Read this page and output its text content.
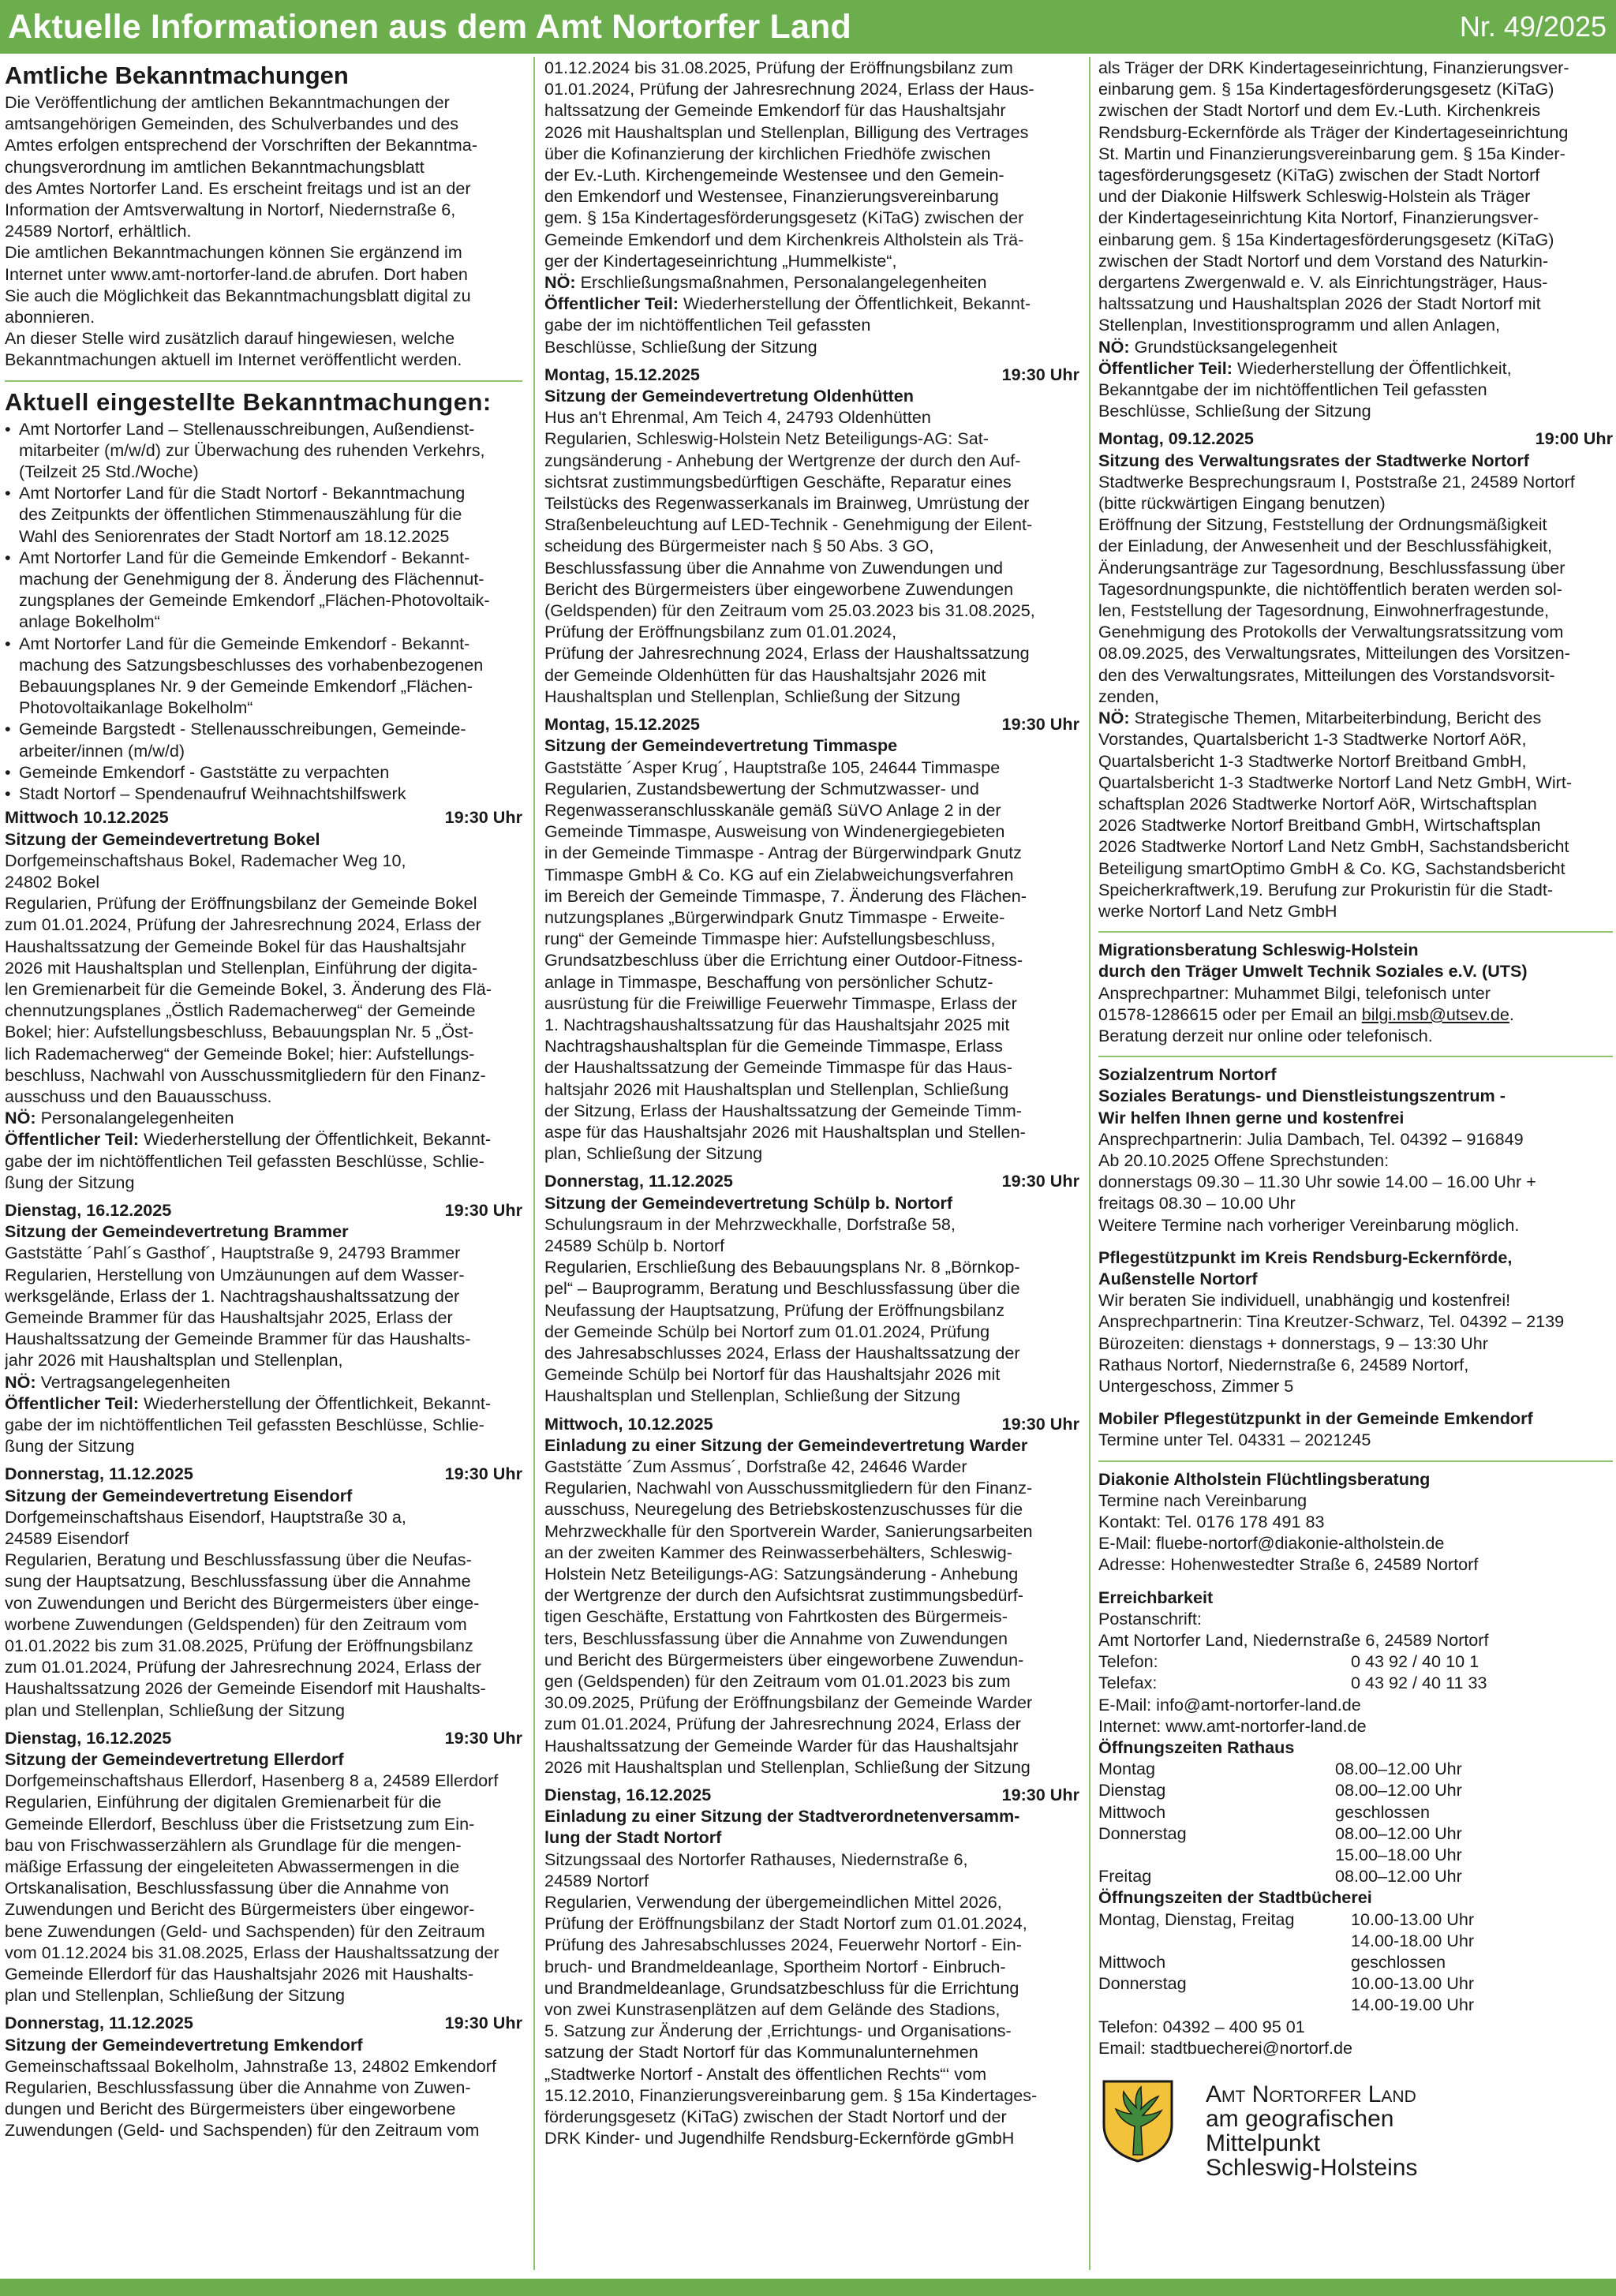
Aktuelle Informationen aus dem Amt Nortorfer Land	Nr. 49/2025
Amtliche Bekanntmachungen
Die Veröffentlichung der amtlichen Bekanntmachungen der
amtsangehörigen Gemeinden, des Schulverbandes und des
Amtes erfolgen entsprechend der Vorschriften der Bekanntma-
chungsverordnung im amtlichen Bekanntmachungsblatt
des Amtes Nortorfer Land. Es erscheint freitags und ist an der
Information der Amtsverwaltung in Nortorf, Niedernstraße 6,
24589 Nortorf, erhältlich.
Die amtlichen Bekanntmachungen können Sie ergänzend im
Internet unter www.amt-nortorfer-land.de abrufen. Dort haben
Sie auch die Möglichkeit das Bekanntmachungsblatt digital zu
abonnieren.
An dieser Stelle wird zusätzlich darauf hingewiesen, welche
Bekanntmachungen aktuell im Internet veröffentlicht werden.
Aktuell eingestellte Bekanntmachungen:
• Amt Nortorfer Land – Stellenausschreibungen, Außendienst-
mitarbeiter (m/w/d) zur Überwachung des ruhenden Verkehrs,
(Teilzeit 25 Std./Woche)
• Amt Nortorfer Land für die Stadt Nortorf - Bekanntmachung
des Zeitpunkts der öffentlichen Stimmenauszählung für die
Wahl des Seniorenrates der Stadt Nortorf am 18.12.2025
• Amt Nortorfer Land für die Gemeinde Emkendorf - Bekannt-
machung der Genehmigung der 8. Änderung des Flächennut-
zungsplanes der Gemeinde Emkendorf „Flächen-Photovoltaik-
anlage Bokelholm“
• Amt Nortorfer Land für die Gemeinde Emkendorf - Bekannt-
machung des Satzungsbeschlusses des vorhabenbezogenen
Bebauungsplanes Nr. 9 der Gemeinde Emkendorf „Flächen-
Photovoltaikanlage Bokelholm“
• Gemeinde Bargstedt - Stellenausschreibungen, Gemeinde-
arbeiter/innen (m/w/d)
• Gemeinde Emkendorf - Gaststätte zu verpachten
• Stadt Nortorf – Spendenaufruf Weihnachtshilfswerk
Mittwoch 10.12.2025	19:30 Uhr
Sitzung der Gemeindevertretung Bokel
Dorfgemeinschaftshaus Bokel, Rademacher Weg 10,
24802 Bokel
Regularien, Prüfung der Eröffnungsbilanz der Gemeinde Bokel
zum 01.01.2024, Prüfung der Jahresrechnung 2024, Erlass der
Haushaltssatzung der Gemeinde Bokel für das Haushaltsjahr
2026 mit Haushaltsplan und Stellenplan, Einführung der digita-
len Gremienarbeit für die Gemeinde Bokel, 3. Änderung des Flä-
chennutzungsplanes „Östlich Rademacherweg“ der Gemeinde
Bokel; hier: Aufstellungsbeschluss, Bebauungsplan Nr. 5 „Öst-
lich Rademacherweg“ der Gemeinde Bokel; hier: Aufstellungs-
beschluss, Nachwahl von Ausschussmitgliedern für den Finanz-
ausschuss und den Bauausschuss.
NÖ: Personalangelegenheiten
Öffentlicher Teil: Wiederherstellung der Öffentlichkeit, Bekannt-
gabe der im nichtöffentlichen Teil gefassten Beschlüsse, Schlie-
ßung der Sitzung
Dienstag, 16.12.2025	19:30 Uhr
Sitzung der Gemeindevertretung Brammer
Gaststätte ´Pahl´s Gasthof´, Hauptstraße 9, 24793 Brammer
Regularien, Herstellung von Umzäunungen auf dem Wasser-
werksgelände, Erlass der 1. Nachtragshaushaltssatzung der
Gemeinde Brammer für das Haushaltsjahr 2025, Erlass der
Haushaltssatzung der Gemeinde Brammer für das Haushalts-
jahr 2026 mit Haushaltsplan und Stellenplan,
NÖ: Vertragsangelegenheiten
Öffentlicher Teil: Wiederherstellung der Öffentlichkeit, Bekannt-
gabe der im nichtöffentlichen Teil gefassten Beschlüsse, Schlie-
ßung der Sitzung
Donnerstag, 11.12.2025	19:30 Uhr
Sitzung der Gemeindevertretung Eisendorf
Dorfgemeinschaftshaus Eisendorf, Hauptstraße 30 a,
24589 Eisendorf
Regularien, Beratung und Beschlussfassung über die Neufas-
sung der Hauptsatzung, Beschlussfassung über die Annahme
von Zuwendungen und Bericht des Bürgermeisters über einge-
worbene Zuwendungen (Geldspenden) für den Zeitraum vom
01.01.2022 bis zum 31.08.2025, Prüfung der Eröffnungsbilanz
zum 01.01.2024, Prüfung der Jahresrechnung 2024, Erlass der
Haushaltssatzung 2026 der Gemeinde Eisendorf mit Haushalts-
plan und Stellenplan, Schließung der Sitzung
Dienstag, 16.12.2025	19:30 Uhr
Sitzung der Gemeindevertretung Ellerdorf
Dorfgemeinschaftshaus Ellerdorf, Hasenberg 8 a, 24589 Ellerdorf
Regularien, Einführung der digitalen Gremienarbeit für die
Gemeinde Ellerdorf, Beschluss über die Fristsetzung zum Ein-
bau von Frischwasserzählern als Grundlage für die mengen-
mäßige Erfassung der eingeleiteten Abwassermengen in die
Ortskanalisation, Beschlussfassung über die Annahme von
Zuwendungen und Bericht des Bürgermeisters über eingewor-
bene Zuwendungen (Geld- und Sachspenden) für den Zeitraum
vom 01.12.2024 bis 31.08.2025, Erlass der Haushaltssatzung der
Gemeinde Ellerdorf für das Haushaltsjahr 2026 mit Haushalts-
plan und Stellenplan, Schließung der Sitzung
Donnerstag, 11.12.2025	19:30 Uhr
Sitzung der Gemeindevertretung Emkendorf
Gemeinschaftssaal Bokelholm, Jahnstraße 13, 24802 Emkendorf
Regularien, Beschlussfassung über die Annahme von Zuwen-
dungen und Bericht des Bürgermeisters über eingeworbene
Zuwendungen (Geld- und Sachspenden) für den Zeitraum vom
01.12.2024 bis 31.08.2025, Prüfung der Eröffnungsbilanz zum
01.01.2024, Prüfung der Jahresrechnung 2024, Erlass der Haus-
haltssatzung der Gemeinde Emkendorf für das Haushaltsjahr
2026 mit Haushaltsplan und Stellenplan, Billigung des Vertrages
über die Kofinanzierung der kirchlichen Friedhöfe zwischen
der Ev.-Luth. Kirchengemeinde Westensee und den Gemein-
den Emkendorf und Westensee, Finanzierungsvereinbarung
gem. § 15a Kindertagesförderungsgesetz (KiTaG) zwischen der
Gemeinde Emkendorf und dem Kirchenkreis Altholstein als Trä-
ger der Kindertageseinrichtung „Hummelkiste“,
NÖ: Erschließungsmaßnahmen, Personalangelegenheiten
Öffentlicher Teil: Wiederherstellung der Öffentlichkeit, Bekannt-
gabe der im nichtöffentlichen Teil gefassten
Beschlüsse, Schließung der Sitzung
Montag, 15.12.2025	19:30 Uhr
Sitzung der Gemeindevertretung Oldenhütten
Hus an't Ehrenmal, Am Teich 4, 24793 Oldenhütten
Regularien, Schleswig-Holstein Netz Beteiligungs-AG: Sat-
zungsänderung - Anhebung der Wertgrenze der durch den Auf-
sichtsrat zustimmungsbedürftigen Geschäfte, Reparatur eines
Teilstücks des Regenwasserkanals im Brainweg, Umrüstung der
Straßenbeleuchtung auf LED-Technik - Genehmigung der Eilent-
scheidung des Bürgermeister nach § 50 Abs. 3 GO,
Beschlussfassung über die Annahme von Zuwendungen und
Bericht des Bürgermeisters über eingeworbene Zuwendungen
(Geldspenden) für den Zeitraum vom 25.03.2023 bis 31.08.2025,
Prüfung der Eröffnungsbilanz zum 01.01.2024,
Prüfung der Jahresrechnung 2024, Erlass der Haushaltssatzung
der Gemeinde Oldenhütten für das Haushaltsjahr 2026 mit
Haushaltsplan und Stellenplan, Schließung der Sitzung
Montag, 15.12.2025	19:30 Uhr
Sitzung der Gemeindevertretung Timmaspe
Gaststätte ´Asper Krug´, Hauptstraße 105, 24644 Timmaspe
Regularien, Zustandsbewertung der Schmutzwasser- und
Regenwasseranschlusskanäle gemäß SüVO Anlage 2 in der
Gemeinde Timmaspe, Ausweisung von Windenergiegebieten
in der Gemeinde Timmaspe - Antrag der Bürgerwindpark Gnutz
Timmaspe GmbH & Co. KG auf ein Zielabweichungsverfahren
im Bereich der Gemeinde Timmaspe, 7. Änderung des Flächen-
nutzungsplanes „Bürgerwindpark Gnutz Timmaspe - Erweite-
rung“ der Gemeinde Timmaspe hier: Aufstellungsbeschluss,
Grundsatzbeschluss über die Errichtung einer Outdoor-Fitness-
anlage in Timmaspe, Beschaffung von persönlicher Schutz-
ausrüstung für die Freiwillige Feuerwehr Timmaspe, Erlass der
1. Nachtragshaushaltssatzung für das Haushaltsjahr 2025 mit
Nachtragshaushaltsplan für die Gemeinde Timmaspe, Erlass
der Haushaltssatzung der Gemeinde Timmaspe für das Haus-
haltsjahr 2026 mit Haushaltsplan und Stellenplan, Schließung
der Sitzung, Erlass der Haushaltssatzung der Gemeinde Timm-
aspe für das Haushaltsjahr 2026 mit Haushaltsplan und Stellen-
plan, Schließung der Sitzung
Donnerstag, 11.12.2025	19:30 Uhr
Sitzung der Gemeindevertretung Schülp b. Nortorf
Schulungsraum in der Mehrzweckhalle, Dorfstraße 58,
24589 Schülp b. Nortorf
Regularien, Erschließung des Bebauungsplans Nr. 8 „Börnkop-
pel“ – Bauprogramm, Beratung und Beschlussfassung über die
Neufassung der Hauptsatzung, Prüfung der Eröffnungsbilanz
der Gemeinde Schülp bei Nortorf zum 01.01.2024, Prüfung
des Jahresabschlusses 2024, Erlass der Haushaltssatzung der
Gemeinde Schülp bei Nortorf für das Haushaltsjahr 2026 mit
Haushaltsplan und Stellenplan, Schließung der Sitzung
Mittwoch, 10.12.2025	19:30 Uhr
Einladung zu einer Sitzung der Gemeindevertretung Warder
Gaststätte ´Zum Assmus´, Dorfstraße 42, 24646 Warder
Regularien, Nachwahl von Ausschussmitgliedern für den Finanz-
ausschuss, Neuregelung des Betriebskostenzuschusses für die
Mehrzweckhalle für den Sportverein Warder, Sanierungsarbeiten
an der zweiten Kammer des Reinwasserbehälters, Schleswig-
Holstein Netz Beteiligungs-AG: Satzungsänderung - Anhebung
der Wertgrenze der durch den Aufsichtsrat zustimmungsbedürf-
tigen Geschäfte, Erstattung von Fahrtkosten des Bürgermeis-
ters, Beschlussfassung über die Annahme von Zuwendungen
und Bericht des Bürgermeisters über eingeworbene Zuwendun-
gen (Geldspenden) für den Zeitraum vom 01.01.2023 bis zum
30.09.2025, Prüfung der Eröffnungsbilanz der Gemeinde Warder
zum 01.01.2024, Prüfung der Jahresrechnung 2024, Erlass der
Haushaltssatzung der Gemeinde Warder für das Haushaltsjahr
2026 mit Haushaltsplan und Stellenplan, Schließung der Sitzung
Dienstag, 16.12.2025	19:30 Uhr
Einladung zu einer Sitzung der Stadtverordnetenversamm-
lung der Stadt Nortorf
Sitzungssaal des Nortorfer Rathauses, Niedernstraße 6,
24589 Nortorf
Regularien, Verwendung der übergemeindlichen Mittel 2026,
Prüfung der Eröffnungsbilanz der Stadt Nortorf zum 01.01.2024,
Prüfung des Jahresabschlusses 2024, Feuerwehr Nortorf - Ein-
bruch- und Brandmeldeanlage, Sportheim Nortorf - Einbruch-
und Brandmeldeanlage, Grundsatzbeschluss für die Errichtung
von zwei Kunstrasenplätzen auf dem Gelände des Stadions,
5. Satzung zur Änderung der ‚Errichtungs- und Organisations-
satzung der Stadt Nortorf für das Kommunalunternehmen
„Stadtwerke Nortorf - Anstalt des öffentlichen Rechts“‘ vom
15.12.2010, Finanzierungsvereinbarung gem. § 15a Kindertages-
förderungsgesetz (KiTaG) zwischen der Stadt Nortorf und der
DRK Kinder- und Jugendhilfe Rendsburg-Eckernförde gGmbH
als Träger der DRK Kindertageseinrichtung, Finanzierungsver-
einbarung gem. § 15a Kindertagesförderungsgesetz (KiTaG)
zwischen der Stadt Nortorf und dem Ev.-Luth. Kirchenkreis
Rendsburg-Eckernförde als Träger der Kindertageseinrichtung
St. Martin und Finanzierungsvereinbarung gem. § 15a Kinder-
tagesförderungsgesetz (KiTaG) zwischen der Stadt Nortorf
und der Diakonie Hilfswerk Schleswig-Holstein als Träger
der Kindertageseinrichtung Kita Nortorf, Finanzierungsver-
einbarung gem. § 15a Kindertagesförderungsgesetz (KiTaG)
zwischen der Stadt Nortorf und dem Vorstand des Naturkin-
dergartens Zwergenwald e. V. als Einrichtungsträger, Haus-
haltssatzung und Haushaltsplan 2026 der Stadt Nortorf mit
Stellenplan, Investitionsprogramm und allen Anlagen,
NÖ: Grundstücksangelegenheit
Öffentlicher Teil: Wiederherstellung der Öffentlichkeit,
Bekanntgabe der im nichtöffentlichen Teil gefassten
Beschlüsse, Schließung der Sitzung
Montag, 09.12.2025	19:00 Uhr
Sitzung des Verwaltungsrates der Stadtwerke Nortorf
Stadtwerke Besprechungsraum I, Poststraße 21, 24589 Nortorf
(bitte rückwärtigen Eingang benutzen)
Eröffnung der Sitzung, Feststellung der Ordnungsmäßigkeit
der Einladung, der Anwesenheit und der Beschlussfähigkeit,
Änderungsanträge zur Tagesordnung, Beschlussfassung über
Tagesordnungspunkte, die nichtöffentlich beraten werden sol-
len, Feststellung der Tagesordnung, Einwohnerfragestunde,
Genehmigung des Protokolls der Verwaltungsratssitzung vom
08.09.2025, des Verwaltungsrates, Mitteilungen des Vorsitzen-
den des Verwaltungsrates, Mitteilungen des Vorstandsvorsit-
zenden,
NÖ: Strategische Themen, Mitarbeiterbindung, Bericht des
Vorstandes, Quartalsbericht 1-3 Stadtwerke Nortorf AöR,
Quartalsbericht 1-3 Stadtwerke Nortorf Breitband GmbH,
Quartalsbericht 1-3 Stadtwerke Nortorf Land Netz GmbH, Wirt-
schaftsplan 2026 Stadtwerke Nortorf AöR, Wirtschaftsplan
2026 Stadtwerke Nortorf Breitband GmbH, Wirtschaftsplan
2026 Stadtwerke Nortorf Land Netz GmbH, Sachstandsbericht
Beteiligung smartOptimo GmbH & Co. KG, Sachstandsbericht
Speicherkraftwerk,19. Berufung zur Prokuristin für die Stadt-
werke Nortorf Land Netz GmbH
Migrationsberatung Schleswig-Holstein
durch den Träger Umwelt Technik Soziales e.V. (UTS)
Ansprechpartner: Muhammet Bilgi, telefonisch unter
01578-1286615 oder per Email an bilgi.msb@utsev.de.
Beratung derzeit nur online oder telefonisch.
Sozialzentrum Nortorf
Soziales Beratungs- und Dienstleistungszentrum -
Wir helfen Ihnen gerne und kostenfrei
Ansprechpartnerin: Julia Dambach, Tel. 04392 – 916849
Ab 20.10.2025 Offene Sprechstunden:
donnerstags 09.30 – 11.30 Uhr sowie 14.00 – 16.00 Uhr +
freitags 08.30 – 10.00 Uhr
Weitere Termine nach vorheriger Vereinbarung möglich.
Pflegestützpunkt im Kreis Rendsburg-Eckernförde,
Außenstelle Nortorf
Wir beraten Sie individuell, unabhängig und kostenfrei!
Ansprechpartnerin: Tina Kreutzer-Schwarz, Tel. 04392 – 2139
Bürozeiten: dienstags + donnerstags, 9 – 13:30 Uhr
Rathaus Nortorf, Niedernstraße 6, 24589 Nortorf,
Untergeschoss, Zimmer 5
Mobiler Pflegestützpunkt in der Gemeinde Emkendorf
Termine unter Tel. 04331 – 2021245
Diakonie Altholstein Flüchtlingsberatung
Termine nach Vereinbarung
Kontakt: Tel. 0176 178 491 83
E-Mail: fluebe-nortorf@diakonie-altholstein.de
Adresse: Hohenwestedter Straße 6, 24589 Nortorf
Erreichbarkeit
Postanschrift:
Amt Nortorfer Land, Niedernstraße 6, 24589 Nortorf
Telefon:	0 43 92 / 40 10 1
Telefax:	0 43 92 / 40 11 33
E-Mail: info@amt-nortorfer-land.de
Internet: www.amt-nortorfer-land.de
Öffnungszeiten Rathaus
Montag	08.00–12.00 Uhr
Dienstag	08.00–12.00 Uhr
Mittwoch	geschlossen
Donnerstag	08.00–12.00 Uhr
15.00–18.00 Uhr
Freitag	08.00–12.00 Uhr
Öffnungszeiten der Stadtbücherei
Montag, Dienstag, Freitag	10.00-13.00 Uhr
14.00-18.00 Uhr
Mittwoch	geschlossen
Donnerstag	10.00-13.00 Uhr
14.00-19.00 Uhr
Telefon: 04392 – 400 95 01
Email: stadtbuecherei@nortorf.de
Amt Nortorfer Land
am geografischen
Mittelpunkt
Schleswig-Holsteins
